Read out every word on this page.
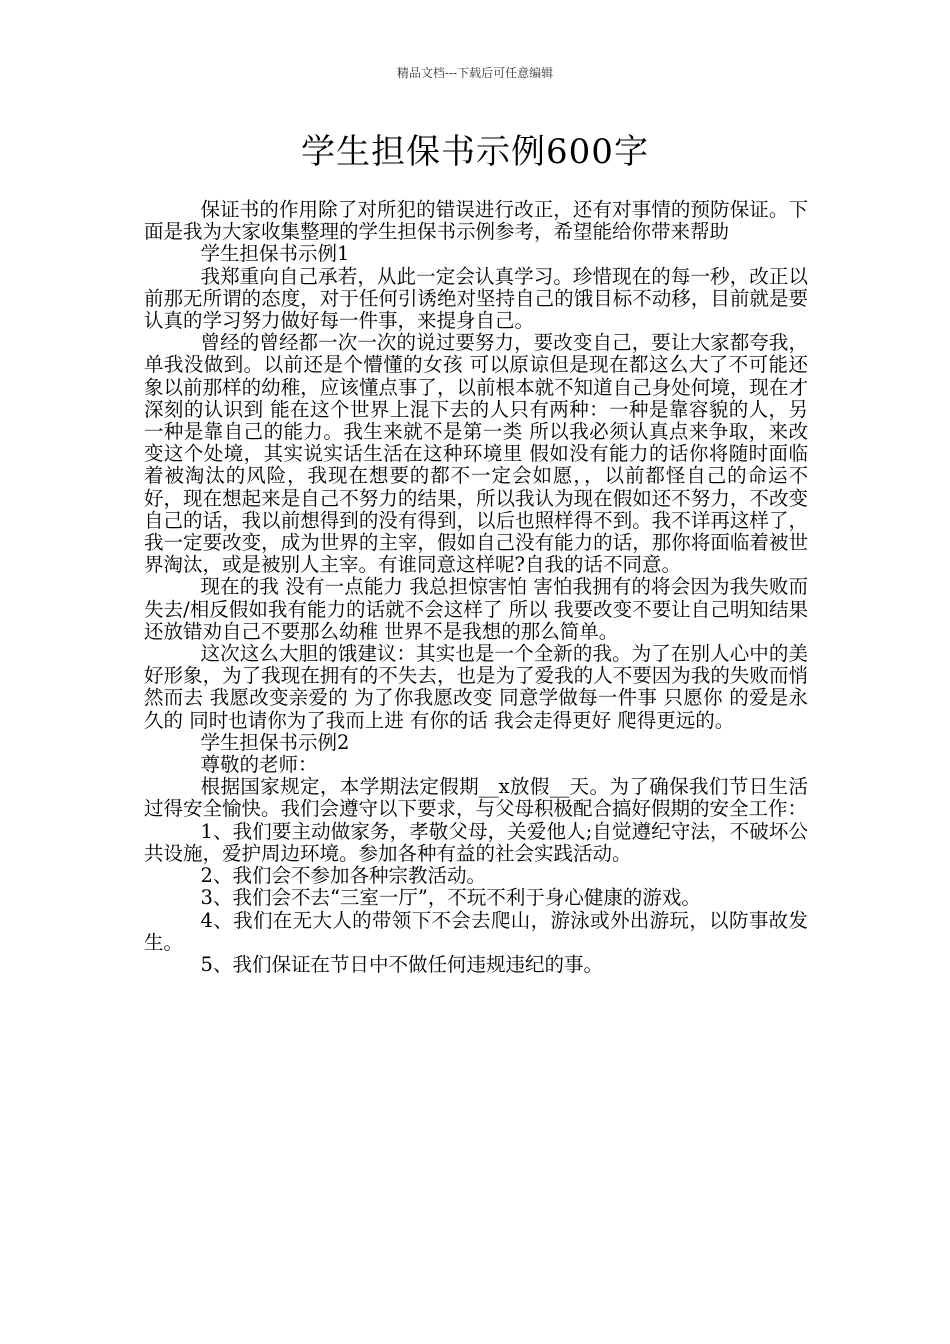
精品文档---下载后可任意编辑
学生担保书示例600字

保证书的作用除了对所犯的错误进行改正，还有对事情的预防保证。下面是我为大家收集整理的学生担保书示例参考，希望能给你带来帮助

学生担保书示例1

我郑重向自己承若，从此一定会认真学习。珍惜现在的每一秒，改正以前那无所谓的态度，对于任何引诱绝对坚持自己的饿目标不动移，目前就是要认真的学习努力做好每一件事，来提身自己。

曾经的曾经都一次一次的说过要努力，要改变自己，要让大家都夸我， 单我没做到。以前还是个懵懂的女孩 可以原谅但是现在都这么大了不可能还象以前那样的幼稚，应该懂点事了，以前根本就不知道自己身处何境，现在才深刻的认识到 能在这个世界上混下去的人只有两种：一种是靠容貌的人，另一种是靠自己的能力。我生来就不是第一类 所以我必须认真点来争取，来改变这个处境，其实说实话生活在这种环境里 假如没有能力的话你将随时面临着被淘汰的风险，我现在想要的都不一定会如愿，，以前都怪自己的命运不好，现在想起来是自己不努力的结果，所以我认为现在假如还不努力，不改变自己的话，我以前想得到的没有得到，以后也照样得不到。我不详再这样了，我一定要改变，成为世界的主宰，假如自己没有能力的话，那你将面临着被世界淘汰，或是被别人主宰。有谁同意这样呢?自我的话不同意。

现在的我 没有一点能力 我总担惊害怕 害怕我拥有的将会因为我失败而失去/相反假如我有能力的话就不会这样了 所以 我要改变不要让自己明知结果还放错劝自己不要那么幼稚 世界不是我想的那么简单。

这次这么大胆的饿建议：其实也是一个全新的我。为了在别人心中的美好形象，为了我现在拥有的不失去，也是为了爱我的人不要因为我的失败而悄然而去 我愿改变亲爱的 为了你我愿改变 同意学做每一件事 只愿你 的爱是永久的 同时也请你为了我而上进 有你的话 我会走得更好 爬得更远的。

学生担保书示例2

尊敬的老师：

根据国家规定，本学期法定假期__x放假__天。为了确保我们节日生活过得安全愉快。我们会遵守以下要求，与父母积极配合搞好假期的安全工作：

1、我们要主动做家务，孝敬父母，关爱他人;自觉遵纪守法，不破坏公共设施，爱护周边环境。参加各种有益的社会实践活动。

2、我们会不参加各种宗教活动。

3、我们会不去“三室一厅”，不玩不利于身心健康的游戏。

4、我们在无大人的带领下不会去爬山，游泳或外出游玩，以防事故发生。

5、我们保证在节日中不做任何违规违纪的事。
